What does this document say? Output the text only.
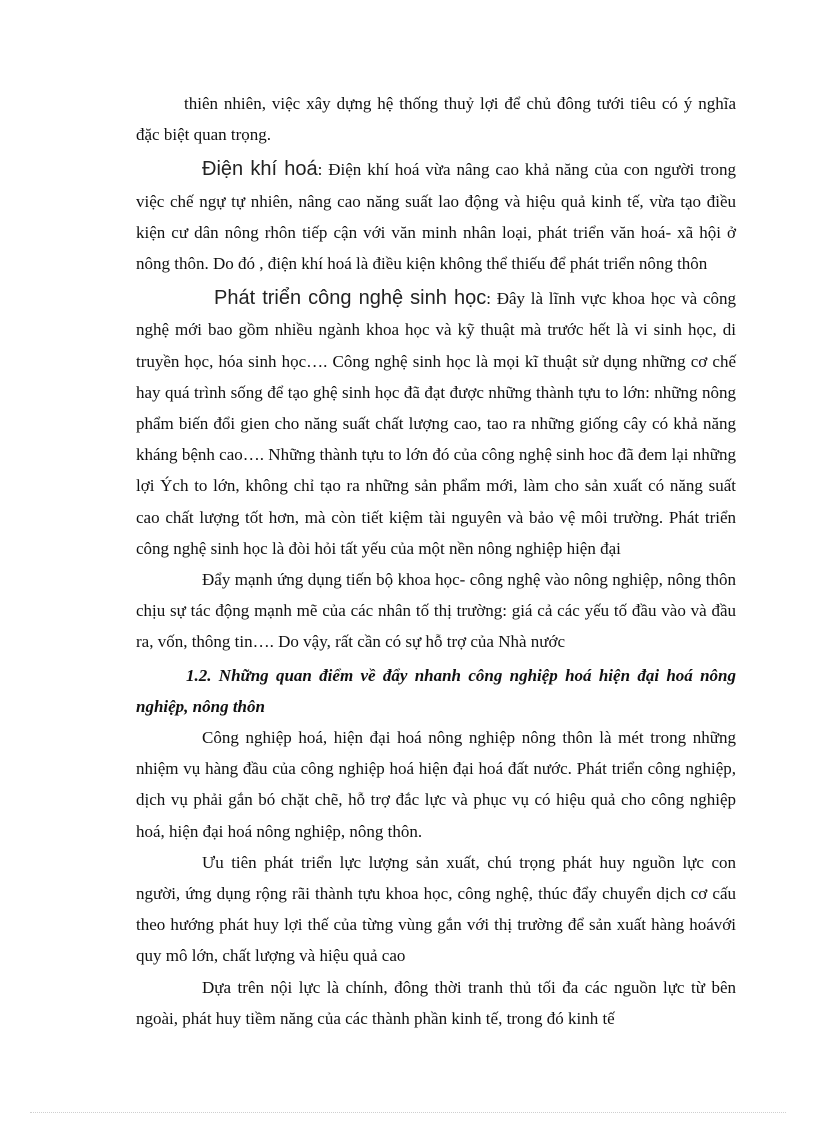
thiên nhiên, việc xây dựng hệ thống thuỷ lợi để chủ đông tưới tiêu có ý nghĩa đặc biệt quan trọng.

Điện khí hoá: Điện khí hoá vừa nâng cao khả năng của con người trong việc chế ngự tự nhiên, nâng cao năng suất lao động và hiệu quả kinh tế, vừa tạo điều kiện cư dân nông rhôn tiếp cận với văn minh nhân loại, phát triển văn hoá- xã hội ở nông thôn. Do đó , điện khí hoá là điều kiện không thể thiếu để phát triển nông thôn

Phát triển công nghệ sinh học: Đây là lĩnh vực khoa học và công nghệ mới bao gồm nhiều ngành khoa học và kỹ thuật mà trước hết là vi sinh học, di truyền học, hóa sinh học…. Công nghệ sinh học là mọi kĩ thuật sử dụng những cơ chế hay quá trình sống để tạo ghệ sinh học đã đạt được những thành tựu to lớn: những nông phẩm biến đổi gien cho năng suất chất lượng cao, tao ra những giống cây có khả năng kháng bệnh cao…. Những thành tựu to lớn đó của công nghệ sinh hoc đã đem lại những lợi Ých to lớn, không chỉ tạo ra những sản phẩm mới, làm cho sản xuất có năng suất cao chất lượng tốt hơn, mà còn tiết kiệm tài nguyên và bảo vệ môi trường. Phát triển công nghệ sinh học là đòi hỏi tất yếu của một nền nông nghiệp hiện đại

Đẩy mạnh ứng dụng tiến bộ khoa học- công nghệ vào nông nghiệp, nông thôn chịu sự tác động mạnh mẽ của các nhân tố thị trường: giá cả các yếu tố đầu vào và đầu ra, vốn, thông tin…. Do vậy, rất cần có sự hỗ trợ của Nhà nước

1.2. Những quan điểm về đẩy nhanh công nghiệp hoá hiện đại hoá nông nghiệp, nông thôn

Công nghiệp hoá, hiện đại hoá nông nghiệp nông thôn là mét trong những nhiệm vụ hàng đầu của công nghiệp hoá hiện đại hoá đất nước. Phát triển công nghiệp, dịch vụ phải gắn bó chặt chẽ, hỗ trợ đắc lực và phục vụ có hiệu quả cho công nghiệp hoá, hiện đại hoá nông nghiệp, nông thôn.

Ưu tiên phát triển lực lượng sản xuất, chú trọng phát huy nguồn lực con người, ứng dụng rộng rãi thành tựu khoa học, công nghệ, thúc đẩy chuyển dịch cơ cấu theo hướng phát huy lợi thế của từng vùng gắn với thị trường để sản xuất hàng hoávới quy mô lớn, chất lượng và hiệu quả cao

Dựa trên nội lực là chính, đông thời tranh thủ tối đa các nguồn lực từ bên ngoài, phát huy tiềm năng của các thành phần kinh tế, trong đó kinh tế
